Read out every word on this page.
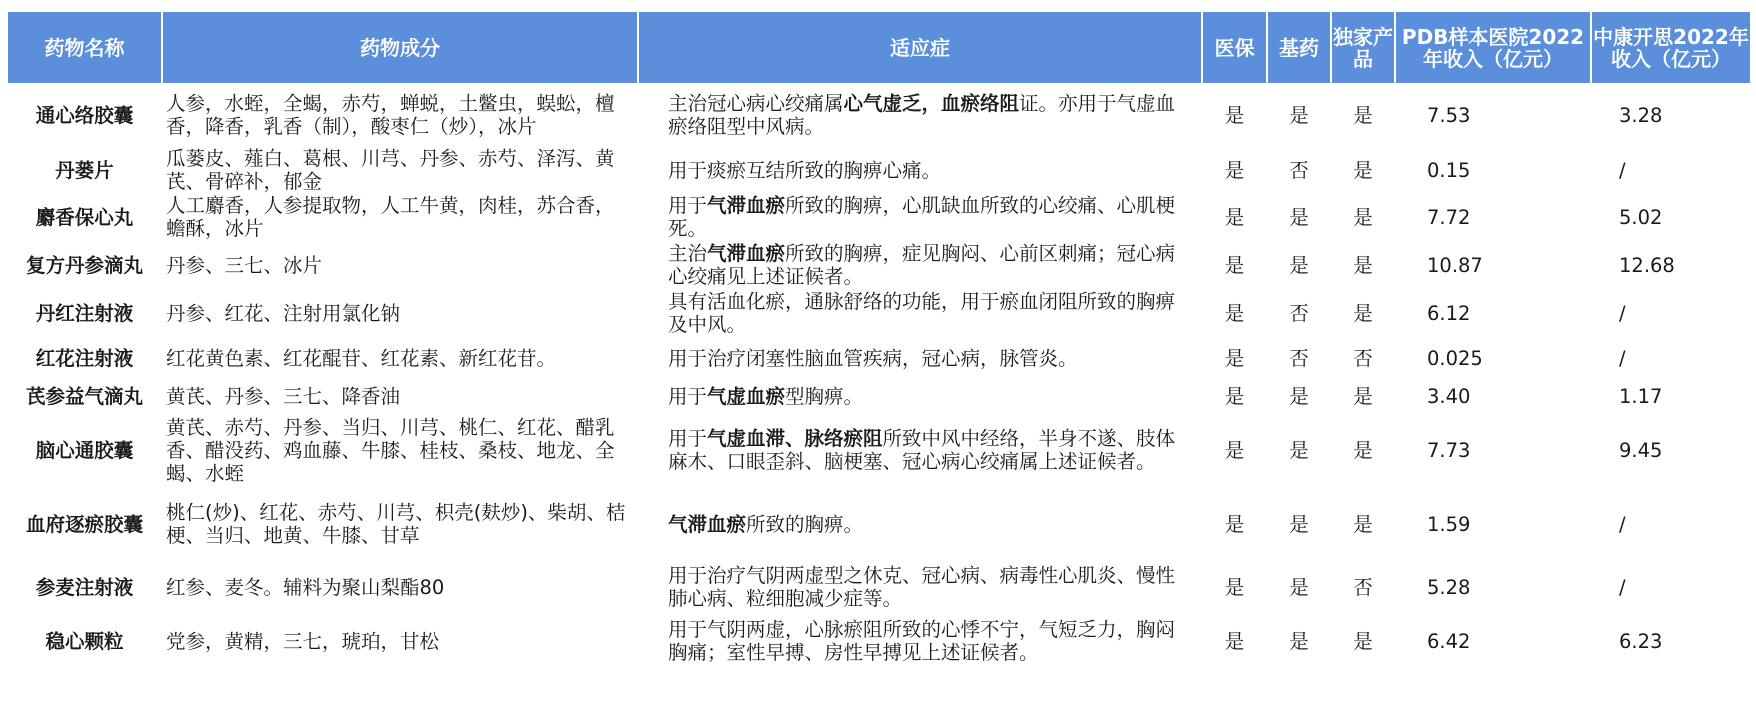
药物名称	药物成分	适应症	医保	基药	独家产品	PDB样本医院2022年收入（亿元）	中康开思2022年收入（亿元）
通心络胶囊	人参，水蛭，全蝎，赤芍，蝉蜕，土鳖虫，蜈蚣，檀香，降香，乳香（制），酸枣仁（炒），冰片	主治冠心病心绞痛属心气虚乏，血瘀络阻证。亦用于气虚血瘀络阻型中风病。	是	是	是	7.53	3.28
丹蒌片	瓜蒌皮、薤白、葛根、川芎、丹参、赤芍、泽泻、黄芪、骨碎补，郁金	用于痰瘀互结所致的胸痹心痛。	是	否	是	0.15	/
麝香保心丸	人工麝香，人参提取物，人工牛黄，肉桂，苏合香，蟾酥，冰片	用于气滞血瘀所致的胸痹，心肌缺血所致的心绞痛、心肌梗死。	是	是	是	7.72	5.02
复方丹参滴丸	丹参、三七、冰片	主治气滞血瘀所致的胸痹，症见胸闷、心前区刺痛；冠心病心绞痛见上述证候者。	是	是	是	10.87	12.68
丹红注射液	丹参、红花、注射用氯化钠	具有活血化瘀，通脉舒络的功能，用于瘀血闭阻所致的胸痹及中风。	是	否	是	6.12	/
红花注射液	红花黄色素、红花醌苷、红花素、新红花苷。	用于治疗闭塞性脑血管疾病，冠心病，脉管炎。	是	否	否	0.025	/
芪参益气滴丸	黄芪、丹参、三七、降香油	用于气虚血瘀型胸痹。	是	是	是	3.40	1.17
脑心通胶囊	黄芪、赤芍、丹参、当归、川芎、桃仁、红花、醋乳香、醋没药、鸡血藤、牛膝、桂枝、桑枝、地龙、全蝎、水蛭	用于气虚血滞、脉络瘀阻所致中风中经络，半身不遂、肢体麻木、口眼歪斜、脑梗塞、冠心病心绞痛属上述证候者。	是	是	是	7.73	9.45
血府逐瘀胶囊	桃仁(炒)、红花、赤芍、川芎、枳壳(麸炒)、柴胡、桔梗、当归、地黄、牛膝、甘草	气滞血瘀所致的胸痹。	是	是	是	1.59	/
参麦注射液	红参、麦冬。辅料为聚山梨酯80	用于治疗气阴两虚型之休克、冠心病、病毒性心肌炎、慢性肺心病、粒细胞减少症等。	是	是	否	5.28	/
稳心颗粒	党参，黄精，三七，琥珀，甘松	用于气阴两虚，心脉瘀阻所致的心悸不宁，气短乏力，胸闷胸痛；室性早搏、房性早搏见上述证候者。	是	是	是	6.42	6.23
